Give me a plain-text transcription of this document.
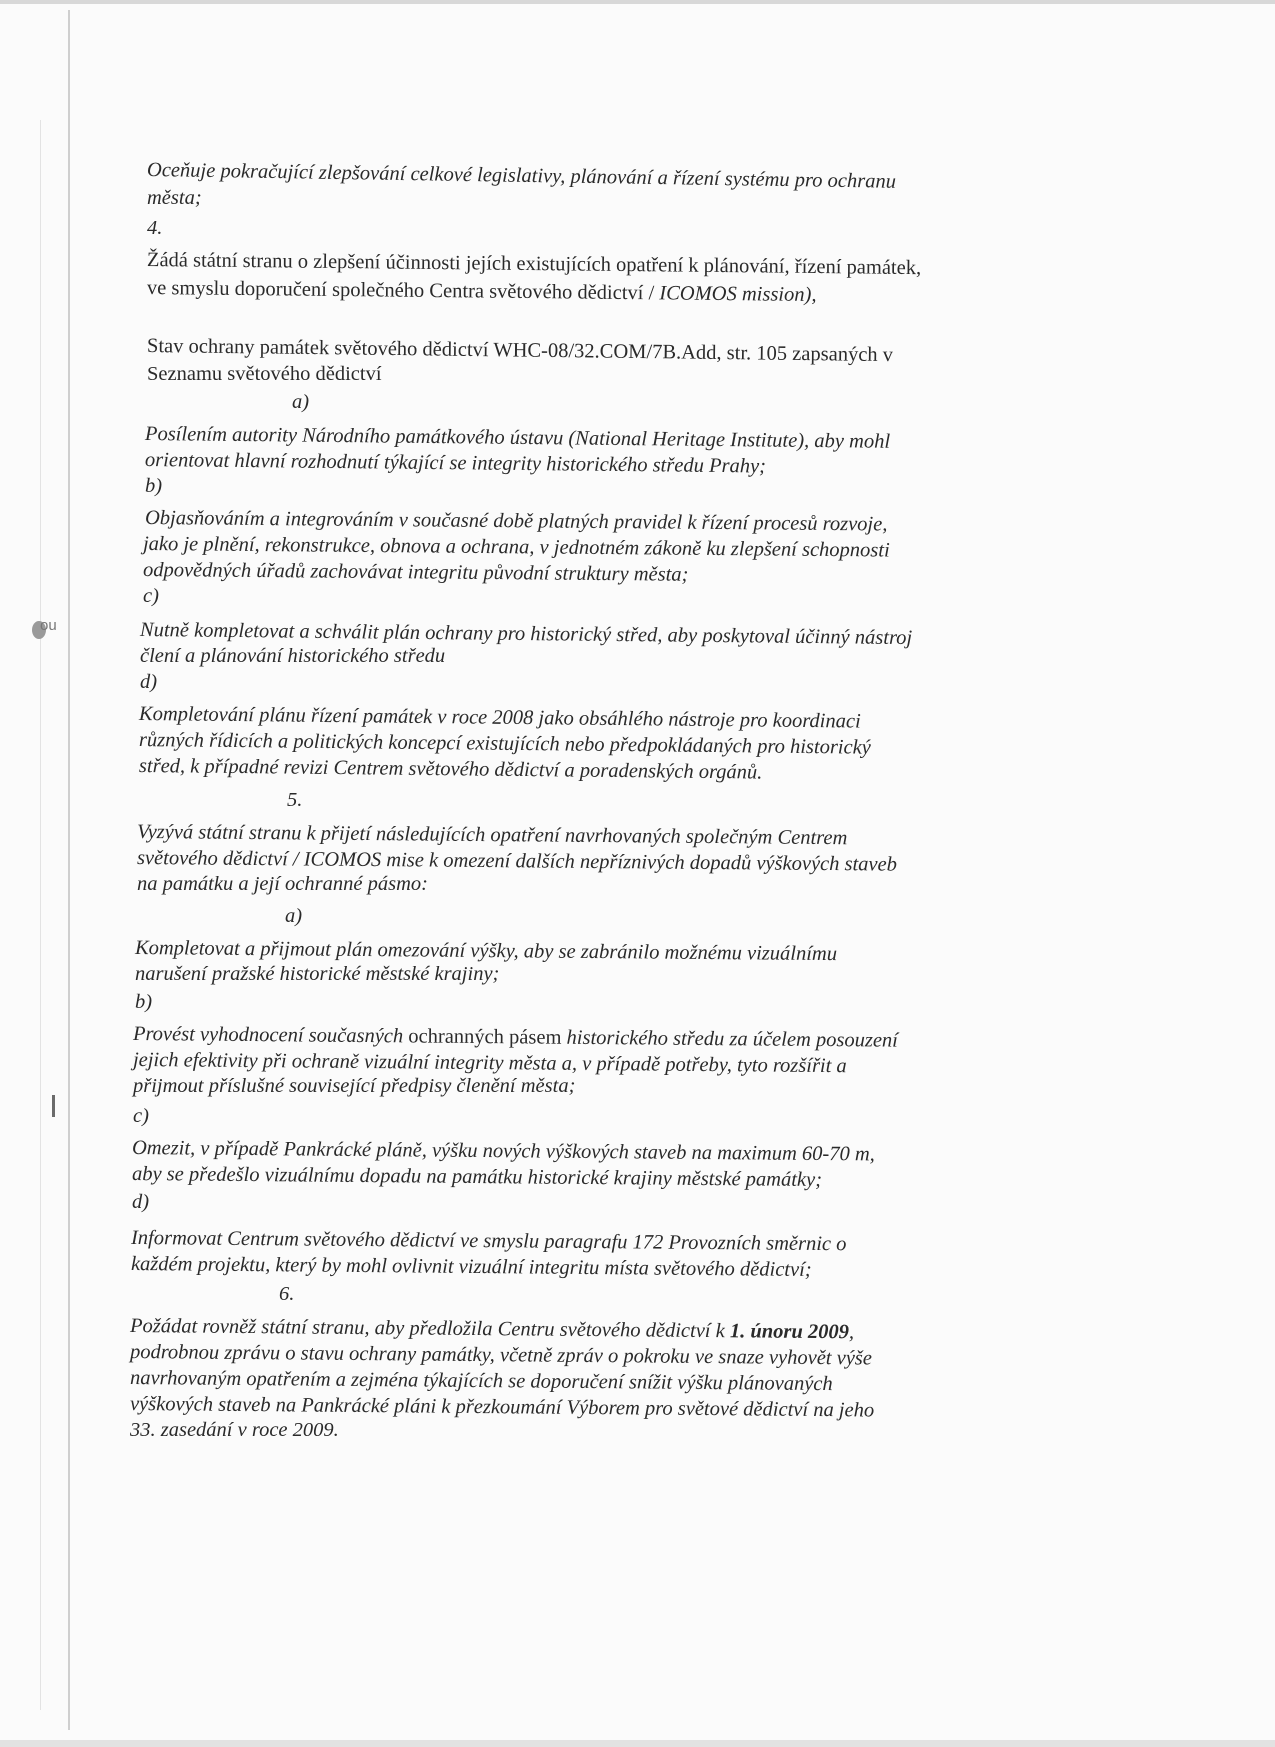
ou
Oceňuje pokračující zlepšování celkové legislativy, plánování a řízení systému pro ochranu
města;
4.
Žádá státní stranu o zlepšení účinnosti jejích existujících opatření k plánování, řízení památek,
ve smyslu doporučení společného Centra světového dědictví / ICOMOS mission),
Stav ochrany památek světového dědictví WHC-08/32.COM/7B.Add, str. 105 zapsaných v
Seznamu světového dědictví
a)
Posílením autority Národního památkového ústavu (National Heritage Institute), aby mohl
orientovat hlavní rozhodnutí týkající se integrity historického středu Prahy;
b)
Objasňováním a integrováním v současné době platných pravidel k řízení procesů rozvoje,
jako je plnění, rekonstrukce, obnova a ochrana, v jednotném zákoně ku zlepšení schopnosti
odpovědných úřadů zachovávat integritu původní struktury města;
c)
Nutně kompletovat a schválit plán ochrany pro historický střed, aby poskytoval účinný nástroj
člení a plánování historického středu
d)
Kompletování plánu řízení památek v roce 2008 jako obsáhlého nástroje pro koordinaci
různých řídicích a politických koncepcí existujících nebo předpokládaných pro historický
střed, k případné revizi Centrem světového dědictví a poradenských orgánů.
5.
Vyzývá státní stranu k přijetí následujících opatření navrhovaných společným Centrem
světového dědictví / ICOMOS mise k omezení dalších nepříznivých dopadů výškových staveb
na památku a její ochranné pásmo:
a)
Kompletovat a přijmout plán omezování výšky, aby se zabránilo možnému vizuálnímu
narušení pražské historické městské krajiny;
b)
Provést vyhodnocení současných ochranných pásem historického středu za účelem posouzení
jejich efektivity při ochraně vizuální integrity města a, v případě potřeby, tyto rozšířit a
přijmout příslušné související předpisy členění města;
c)
Omezit, v případě Pankrácké pláně, výšku nových výškových staveb na maximum 60-70 m,
aby se předešlo vizuálnímu dopadu na památku historické krajiny městské památky;
d)
Informovat Centrum světového dědictví ve smyslu paragrafu 172 Provozních směrnic o
každém projektu, který by mohl ovlivnit vizuální integritu místa světového dědictví;
6.
Požádat rovněž státní stranu, aby předložila Centru světového dědictví k 1. únoru 2009,
podrobnou zprávu o stavu ochrany památky, včetně zpráv o pokroku ve snaze vyhovět výše
navrhovaným opatřením a zejména týkajících se doporučení snížit výšku plánovaných
výškových staveb na Pankrácké pláni k přezkoumání Výborem pro světové dědictví na jeho
33. zasedání v roce 2009.
